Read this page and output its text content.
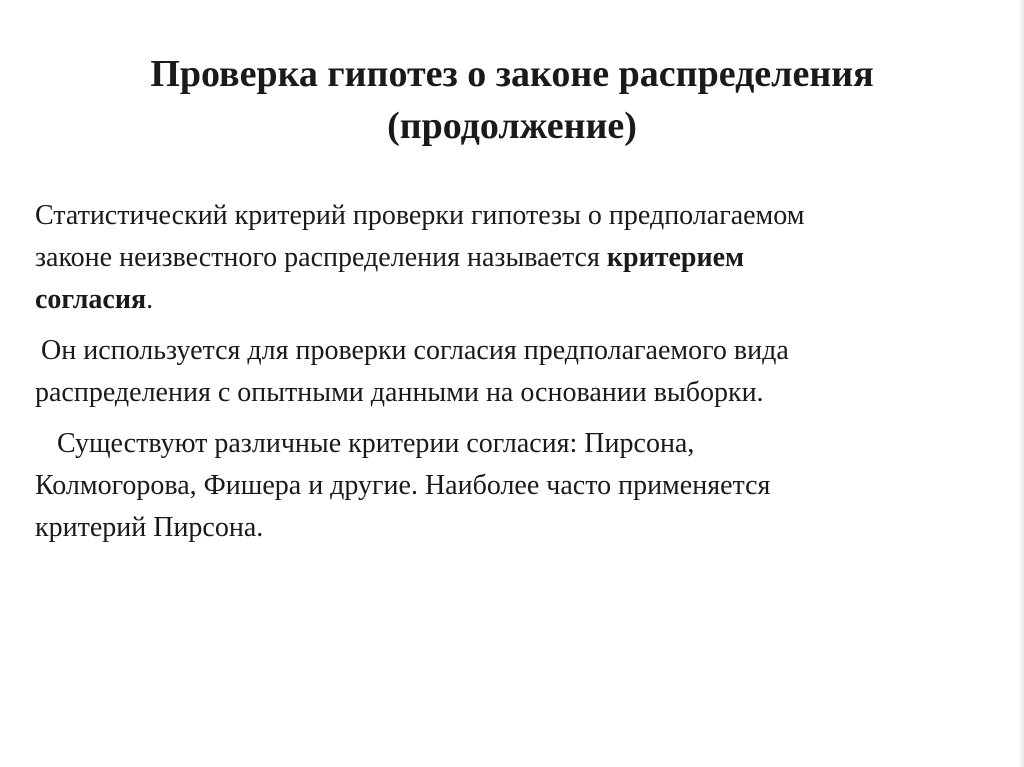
Проверка гипотез о законе распределения
(продолжение)

Статистический критерий проверки гипотезы о предполагаемом
законе неизвестного распределения называется критерием
согласия.

Он используется для проверки согласия предполагаемого вида
распределения с опытными данными на основании выборки.

Существуют различные критерии согласия: Пирсона,
Колмогорова, Фишера и другие. Наиболее часто применяется
критерий Пирсона.
